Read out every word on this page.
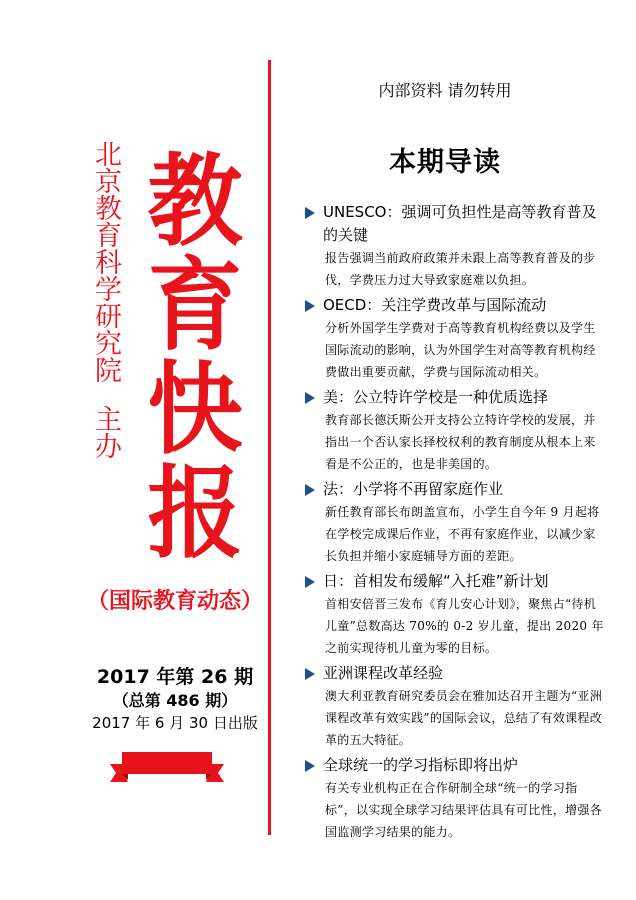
北京教育科学研究院主办
教
育
快
报
（国际教育动态）
2017 年第 26 期
（总第 486 期）
2017 年 6 月 30 日出版
内部资料 请勿转用
本期导读
UNESCO：强调可负担性是高等教育普及的关键
报告强调当前政府政策并未跟上高等教育普及的步伐，学费压力过大导致家庭难以负担。
OECD：关注学费改革与国际流动
分析外国学生学费对于高等教育机构经费以及学生国际流动的影响，认为外国学生对高等教育机构经费做出重要贡献，学费与国际流动相关。
美：公立特许学校是一种优质选择
教育部长德沃斯公开支持公立特许学校的发展，并指出一个否认家长择校权利的教育制度从根本上来看是不公正的，也是非美国的。
法：小学将不再留家庭作业
新任教育部长布朗盖宣布，小学生自今年 9 月起将在学校完成课后作业，不再有家庭作业，以减少家长负担并缩小家庭辅导方面的差距。
日：首相发布缓解“入托难”新计划
首相安倍晋三发布《育儿安心计划》，聚焦占“待机儿童”总数高达 70%的 0-2 岁儿童，提出 2020 年之前实现待机儿童为零的目标。
亚洲课程改革经验
澳大利亚教育研究委员会在雅加达召开主题为“亚洲课程改革有效实践”的国际会议，总结了有效课程改革的五大特征。
全球统一的学习指标即将出炉
有关专业机构正在合作研制全球“统一的学习指标”，以实现全球学习结果评估具有可比性，增强各国监测学习结果的能力。
